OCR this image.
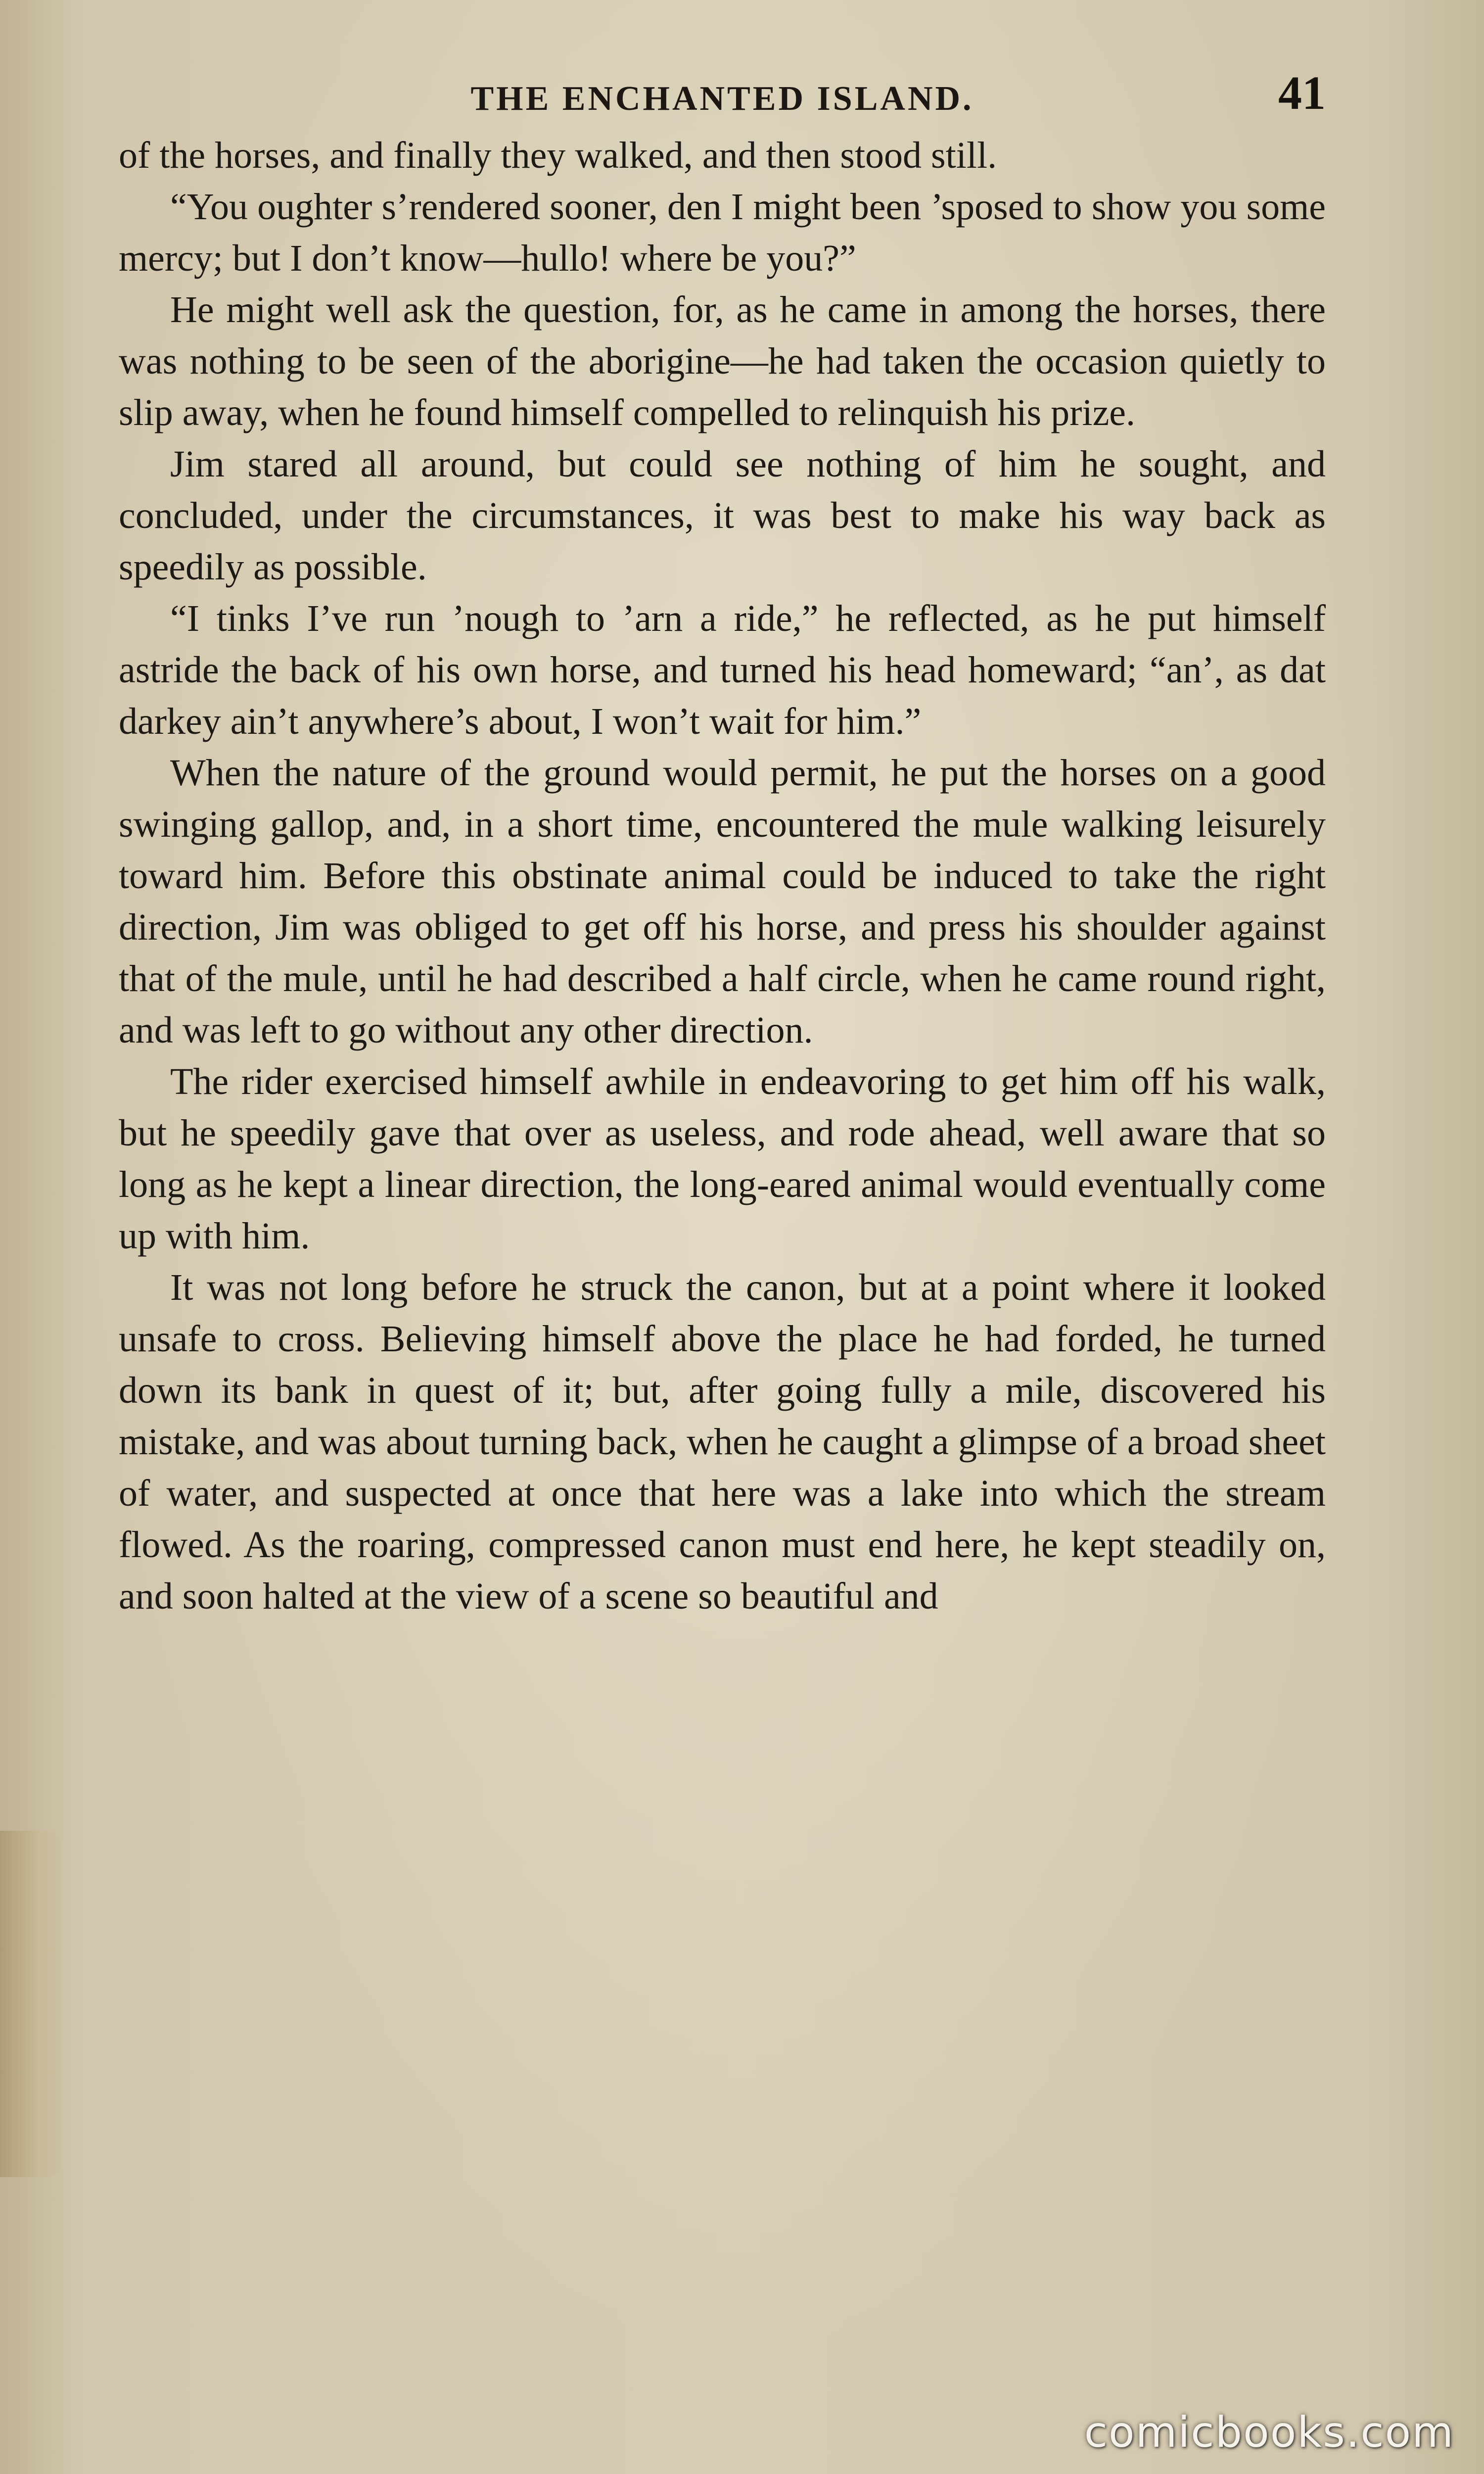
THE ENCHANTED ISLAND.	41

of the horses, and finally they walked, and then stood still.

“You oughter s’rendered sooner, den I might been ’sposed to show you some mercy; but I don’t know—hullo! where be you?”

He might well ask the question, for, as he came in among the horses, there was nothing to be seen of the aborigine—he had taken the occasion quietly to slip away, when he found himself compelled to relinquish his prize.

Jim stared all around, but could see nothing of him he sought, and concluded, under the circumstances, it was best to make his way back as speedily as possible.

“I tinks I’ve run ’nough to ’arn a ride,” he reflected, as he put himself astride the back of his own horse, and turned his head homeward; “an’, as dat darkey ain’t anywhere’s about, I won’t wait for him.”

When the nature of the ground would permit, he put the horses on a good swinging gallop, and, in a short time, encountered the mule walking leisurely toward him. Before this obstinate animal could be induced to take the right direction, Jim was obliged to get off his horse, and press his shoulder against that of the mule, until he had described a half circle, when he came round right, and was left to go without any other direction.

The rider exercised himself awhile in endeavoring to get him off his walk, but he speedily gave that over as useless, and rode ahead, well aware that so long as he kept a linear direction, the long-eared animal would eventually come up with him.

It was not long before he struck the canon, but at a point where it looked unsafe to cross. Believing himself above the place he had forded, he turned down its bank in quest of it; but, after going fully a mile, discovered his mistake, and was about turning back, when he caught a glimpse of a broad sheet of water, and suspected at once that here was a lake into which the stream flowed. As the roaring, compressed canon must end here, he kept steadily on, and soon halted at the view of a scene so beautiful and

comicbooks.com
